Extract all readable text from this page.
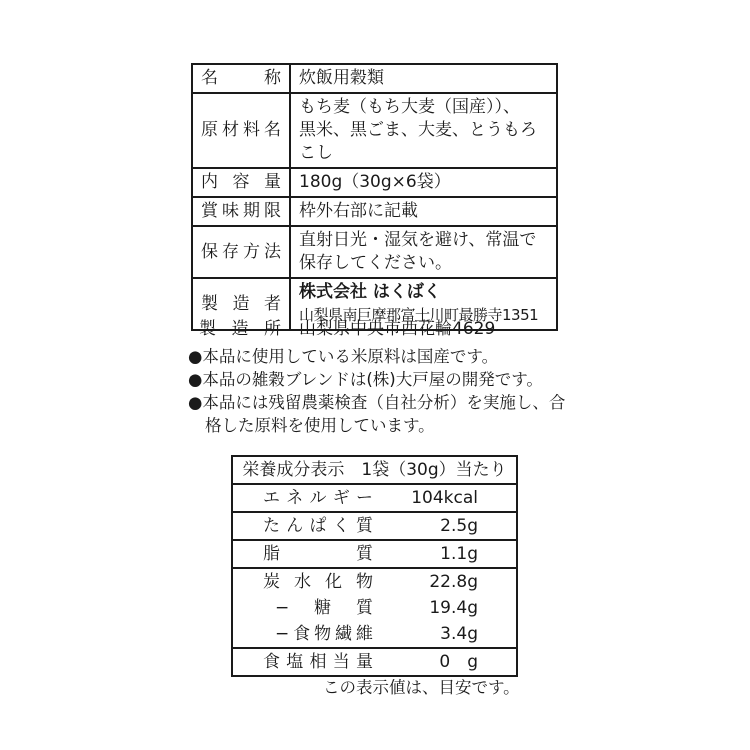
名　称	炊飯用穀類
原材料名	もち麦（もち大麦（国産））、
黒米、黒ごま、大麦、とうもろ
こし

内容量	180g（30g×6袋）
賞味期限	枠外右部に記載
保存方法	直射日光・湿気を避け、常温で
保存してください。

製造者	株式会社 はくばく
山梨県南巨摩郡富士川町最勝寺1351
製造所 山梨県中央市西花輪4629
●本品に使用している米原料は国産です。
●本品の雑穀ブレンドは(株)大戸屋の開発です。
●本品には残留農薬検査（自社分析）を実施し、合格した原料を使用しています。
栄養成分表示　1袋（30g）当たり	
エネルギー	104kcal
たんぱく質	2.5g
脂質	1.1g
炭水化物	22.8g
−糖質	19.4g
−食物繊維	3.4g
食塩相当量	0　g
この表示値は、目安です。
